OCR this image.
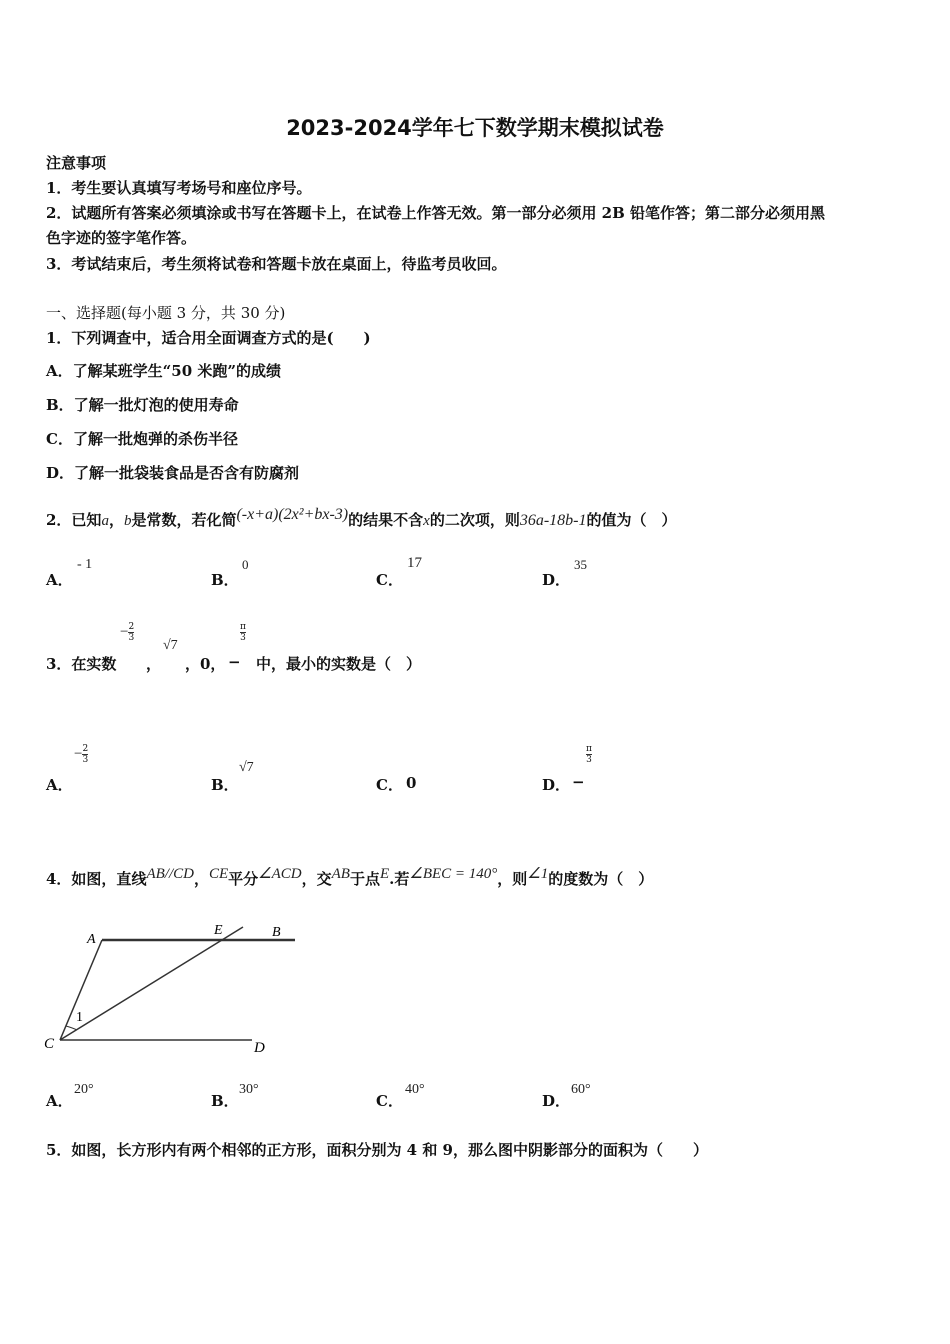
2023-2024学年七下数学期末模拟试卷
注意事项
1．考生要认真填写考场号和座位序号。
2．试题所有答案必须填涂或书写在答题卡上，在试卷上作答无效。第一部分必须用 2B 铅笔作答；第二部分必须用黑
色字迹的签字笔作答。
3．考试结束后，考生须将试卷和答题卡放在桌面上，待监考员收回。
一、选择题(每小题 3 分，共 30 分)
1．下列调查中，适合用全面调查方式的是(　　)
A．了解某班学生“50 米跑”的成绩
B．了解一批灯泡的使用寿命
C．了解一批炮弹的杀伤半径
D．了解一批袋装食品是否含有防腐剂
2．已知a，b是常数，若化简(-x+a)(2x²+bx-3)的结果不含x的二次项，则36a-18b-1的值为（　）
A．
- 1
B．
0
C．
17
D．
35
3．在实数
$-\frac{2}{3}$
，
√7
，0， −
$\frac{\pi}{3}$
中，最小的实数是（　）
A．
$-\frac{2}{3}$
B．
√7
C． 0	D． −
$\frac{\pi}{3}$
4．如图，直线AB//CD，CE平分∠ACD，交AB于点E.若∠BEC = 140°，则∠1的度数为（　）
A
E	B
C	D
1
A．
20°
B．
30°
C．
40°
D．
60°
5．如图，长方形内有两个相邻的正方形，面积分别为 4 和 9，那么图中阴影部分的面积为（　　）
